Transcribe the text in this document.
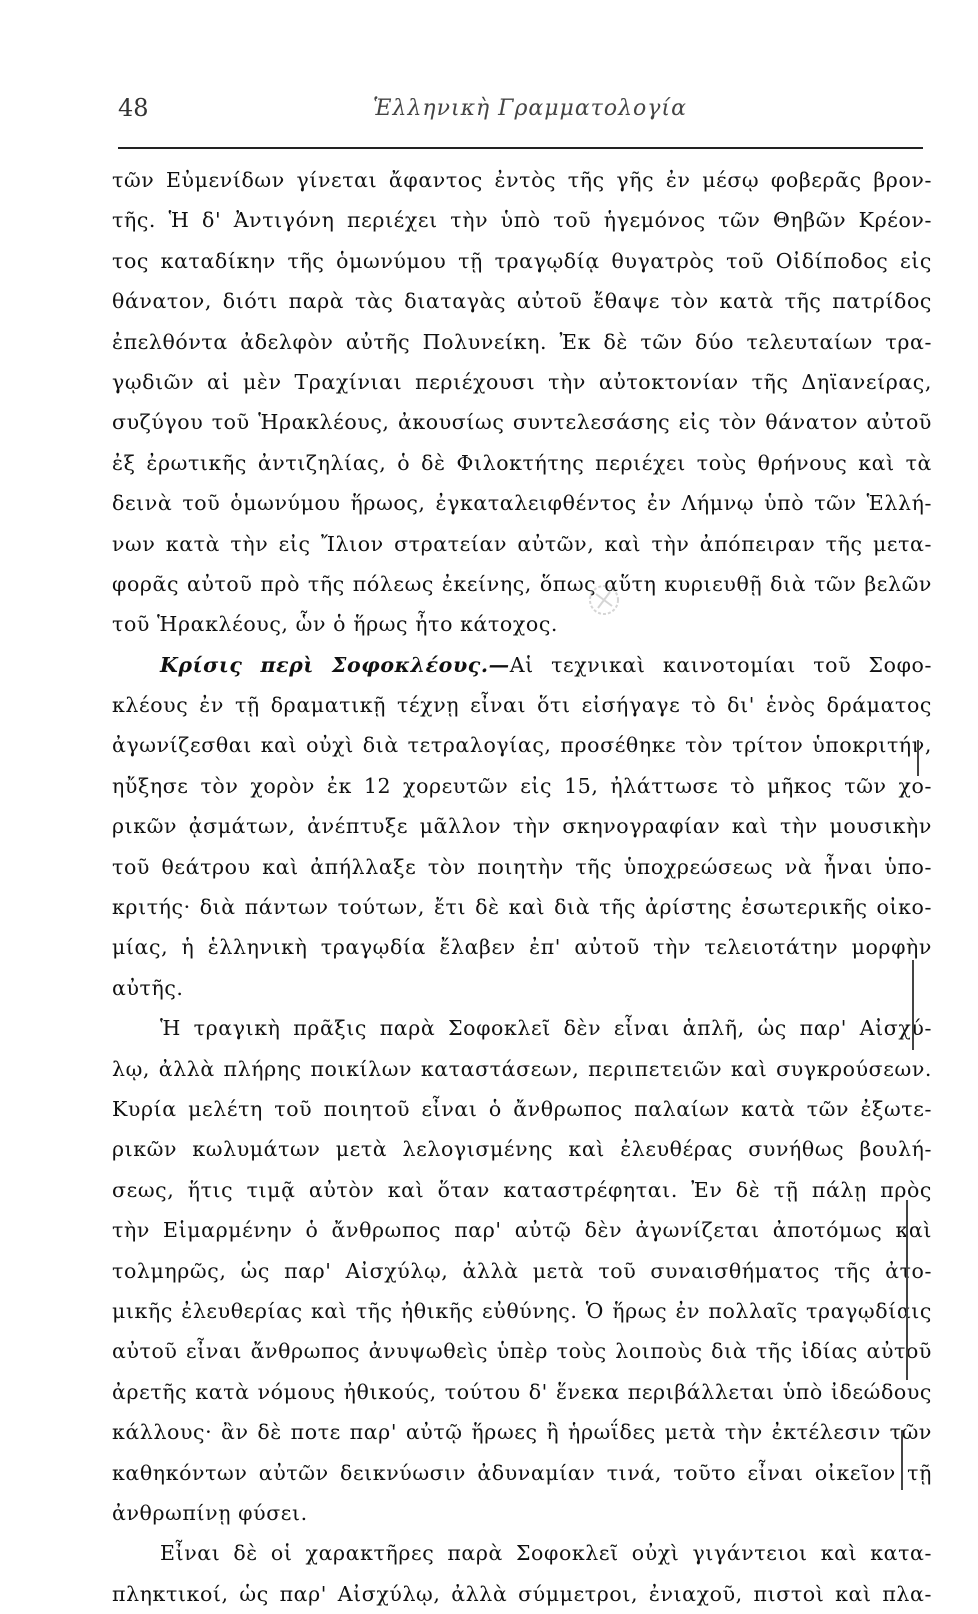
48	Ἑλληνικὴ Γραμματολογία
τῶν Εὐμενίδων γίνεται ἄφαντος ἐντὸς τῆς γῆς ἐν μέσῳ φοβερᾶς βρον-
τῆς. Ἡ δ' Ἀντιγόνη περιέχει τὴν ὑπὸ τοῦ ἡγεμόνος τῶν Θηβῶν Κρέον-
τος καταδίκην τῆς ὁμωνύμου τῇ τραγῳδίᾳ θυγατρὸς τοῦ Οἰδίποδος εἰς
θάνατον, διότι παρὰ τὰς διαταγὰς αὐτοῦ ἔθαψε τὸν κατὰ τῆς πατρίδος
ἐπελθόντα ἀδελφὸν αὐτῆς Πολυνείκη. Ἐκ δὲ τῶν δύο τελευταίων τρα-
γῳδιῶν αἱ μὲν Τραχίνιαι περιέχουσι τὴν αὐτοκτονίαν τῆς Δηϊανείρας,
συζύγου τοῦ Ἡρακλέους, ἀκουσίως συντελεσάσης εἰς τὸν θάνατον αὐτοῦ
ἐξ ἐρωτικῆς ἀντιζηλίας, ὁ δὲ Φιλοκτήτης περιέχει τοὺς θρήνους καὶ τὰ
δεινὰ τοῦ ὁμωνύμου ἥρωος, ἐγκαταλειφθέντος ἐν Λήμνῳ ὑπὸ τῶν Ἑλλή-
νων κατὰ τὴν εἰς Ἴλιον στρατείαν αὐτῶν, καὶ τὴν ἀπόπειραν τῆς μετα-
φορᾶς αὐτοῦ πρὸ τῆς πόλεως ἐκείνης, ὅπως αὕτη κυριευθῇ διὰ τῶν βελῶν
τοῦ Ἡρακλέους, ὧν ὁ ἥρως ἦτο κάτοχος.
Κρίσις περὶ Σοφοκλέους.—Αἱ τεχνικαὶ καινοτομίαι τοῦ Σοφο-
κλέους ἐν τῇ δραματικῇ τέχνῃ εἶναι ὅτι εἰσήγαγε τὸ δι' ἑνὸς δράματος
ἀγωνίζεσθαι καὶ οὐχὶ διὰ τετραλογίας, προσέθηκε τὸν τρίτον ὑποκριτήν,
ηὔξησε τὸν χορὸν ἐκ 12 χορευτῶν εἰς 15, ἠλάττωσε τὸ μῆκος τῶν χο-
ρικῶν ᾀσμάτων, ἀνέπτυξε μᾶλλον τὴν σκηνογραφίαν καὶ τὴν μουσικὴν
τοῦ θεάτρου καὶ ἀπήλλαξε τὸν ποιητὴν τῆς ὑποχρεώσεως νὰ ἦναι ὑπο-
κριτής· διὰ πάντων τούτων, ἔτι δὲ καὶ διὰ τῆς ἀρίστης ἐσωτερικῆς οἰκο-
μίας, ἡ ἑλληνικὴ τραγῳδία ἔλαβεν ἐπ' αὐτοῦ τὴν τελειοτάτην μορφὴν
αὐτῆς.
Ἡ τραγικὴ πρᾶξις παρὰ Σοφοκλεῖ δὲν εἶναι ἁπλῆ, ὡς παρ' Αἰσχύ-
λῳ, ἀλλὰ πλήρης ποικίλων καταστάσεων, περιπετειῶν καὶ συγκρούσεων.
Κυρία μελέτη τοῦ ποιητοῦ εἶναι ὁ ἄνθρωπος παλαίων κατὰ τῶν ἐξωτε-
ρικῶν κωλυμάτων μετὰ λελογισμένης καὶ ἐλευθέρας συνήθως βουλή-
σεως, ἥτις τιμᾷ αὐτὸν καὶ ὅταν καταστρέφηται. Ἐν δὲ τῇ πάλῃ πρὸς
τὴν Εἱμαρμένην ὁ ἄνθρωπος παρ' αὐτῷ δὲν ἀγωνίζεται ἀποτόμως καὶ
τολμηρῶς, ὡς παρ' Αἰσχύλῳ, ἀλλὰ μετὰ τοῦ συναισθήματος τῆς ἀτο-
μικῆς ἐλευθερίας καὶ τῆς ἠθικῆς εὐθύνης. Ὁ ἥρως ἐν πολλαῖς τραγῳδίαις
αὐτοῦ εἶναι ἄνθρωπος ἀνυψωθεὶς ὑπὲρ τοὺς λοιποὺς διὰ τῆς ἰδίας αὐτοῦ
ἀρετῆς κατὰ νόμους ἠθικούς, τούτου δ' ἕνεκα περιβάλλεται ὑπὸ ἰδεώδους
κάλλους· ἂν δὲ ποτε παρ' αὐτῷ ἥρωες ἢ ἡρωΐδες μετὰ τὴν ἐκτέλεσιν τῶν
καθηκόντων αὐτῶν δεικνύωσιν ἀδυναμίαν τινά, τοῦτο εἶναι οἰκεῖον τῇ
ἀνθρωπίνῃ φύσει.
Εἶναι δὲ οἱ χαρακτῆρες παρὰ Σοφοκλεῖ οὐχὶ γιγάντειοι καὶ κατα-
πληκτικοί, ὡς παρ' Αἰσχύλῳ, ἀλλὰ σύμμετροι, ἐνιαχοῦ, πιστοὶ καὶ πλα-
